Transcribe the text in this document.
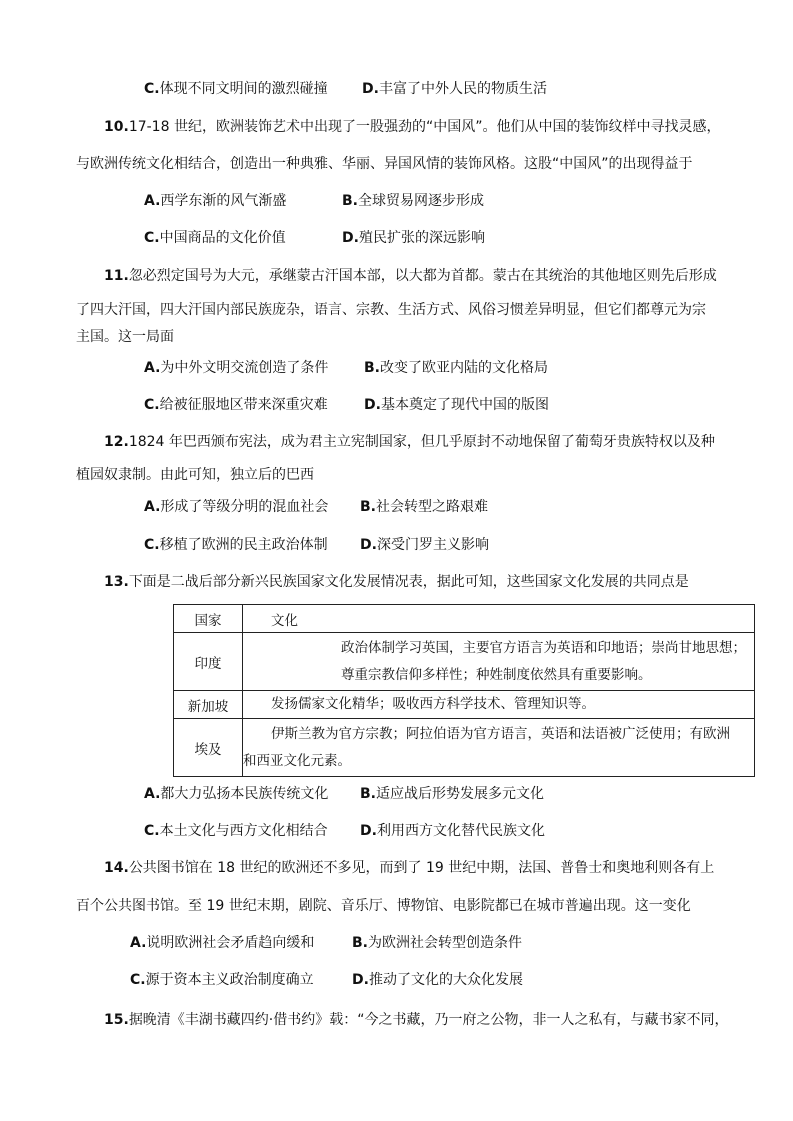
C.体现不同文明间的激烈碰撞 D.丰富了中外人民的物质生活
10.17-18 世纪，欧洲装饰艺术中出现了一股强劲的“中国风”。他们从中国的装饰纹样中寻找灵感，
与欧洲传统文化相结合，创造出一种典雅、华丽、异国风情的装饰风格。这股“中国风”的出现得益于
A.西学东渐的风气渐盛	B.全球贸易网逐步形成
C.中国商品的文化价值	D.殖民扩张的深远影响
11.忽必烈定国号为大元，承继蒙古汗国本部，以大都为首都。蒙古在其统治的其他地区则先后形成
了四大汗国，四大汗国内部民族庞杂，语言、宗教、生活方式、风俗习惯差异明显，但它们都尊元为宗
主国。这一局面
A.为中外文明交流创造了条件	B.改变了欧亚内陆的文化格局
C.给被征服地区带来深重灾难	D.基本奠定了现代中国的版图
12.1824 年巴西颁布宪法，成为君主立宪制国家，但几乎原封不动地保留了葡萄牙贵族特权以及种
植园奴隶制。由此可知，独立后的巴西
A.形成了等级分明的混血社会 B.社会转型之路艰难
C.移植了欧洲的民主政治体制 D.深受门罗主义影响
13.下面是二战后部分新兴民族国家文化发展情况表，据此可知，这些国家文化发展的共同点是
国家	文化
印度	政治体制学习英国，主要官方语言为英语和印地语；崇尚甘地思想；
尊重宗教信仰多样性；种姓制度依然具有重要影响。

新加坡	发扬儒家文化精华；吸收西方科学技术、管理知识等。

埃及	伊斯兰教为官方宗教；阿拉伯语为官方语言，英语和法语被广泛使用；有欧洲
和西亚文化元素。
A.都大力弘扬本民族传统文化 B.适应战后形势发展多元文化
C.本土文化与西方文化相结合 D.利用西方文化替代民族文化
14.公共图书馆在 18 世纪的欧洲还不多见，而到了 19 世纪中期，法国、普鲁士和奥地利则各有上
百个公共图书馆。至 19 世纪末期，剧院、音乐厅、博物馆、电影院都已在城市普遍出现。这一变化
A.说明欧洲社会矛盾趋向缓和	B.为欧洲社会转型创造条件
C.源于资本主义政治制度确立	D.推动了文化的大众化发展
15.据晚清《丰湖书藏四约·借书约》载：“今之书藏，乃一府之公物，非一人之私有，与藏书家不同，
